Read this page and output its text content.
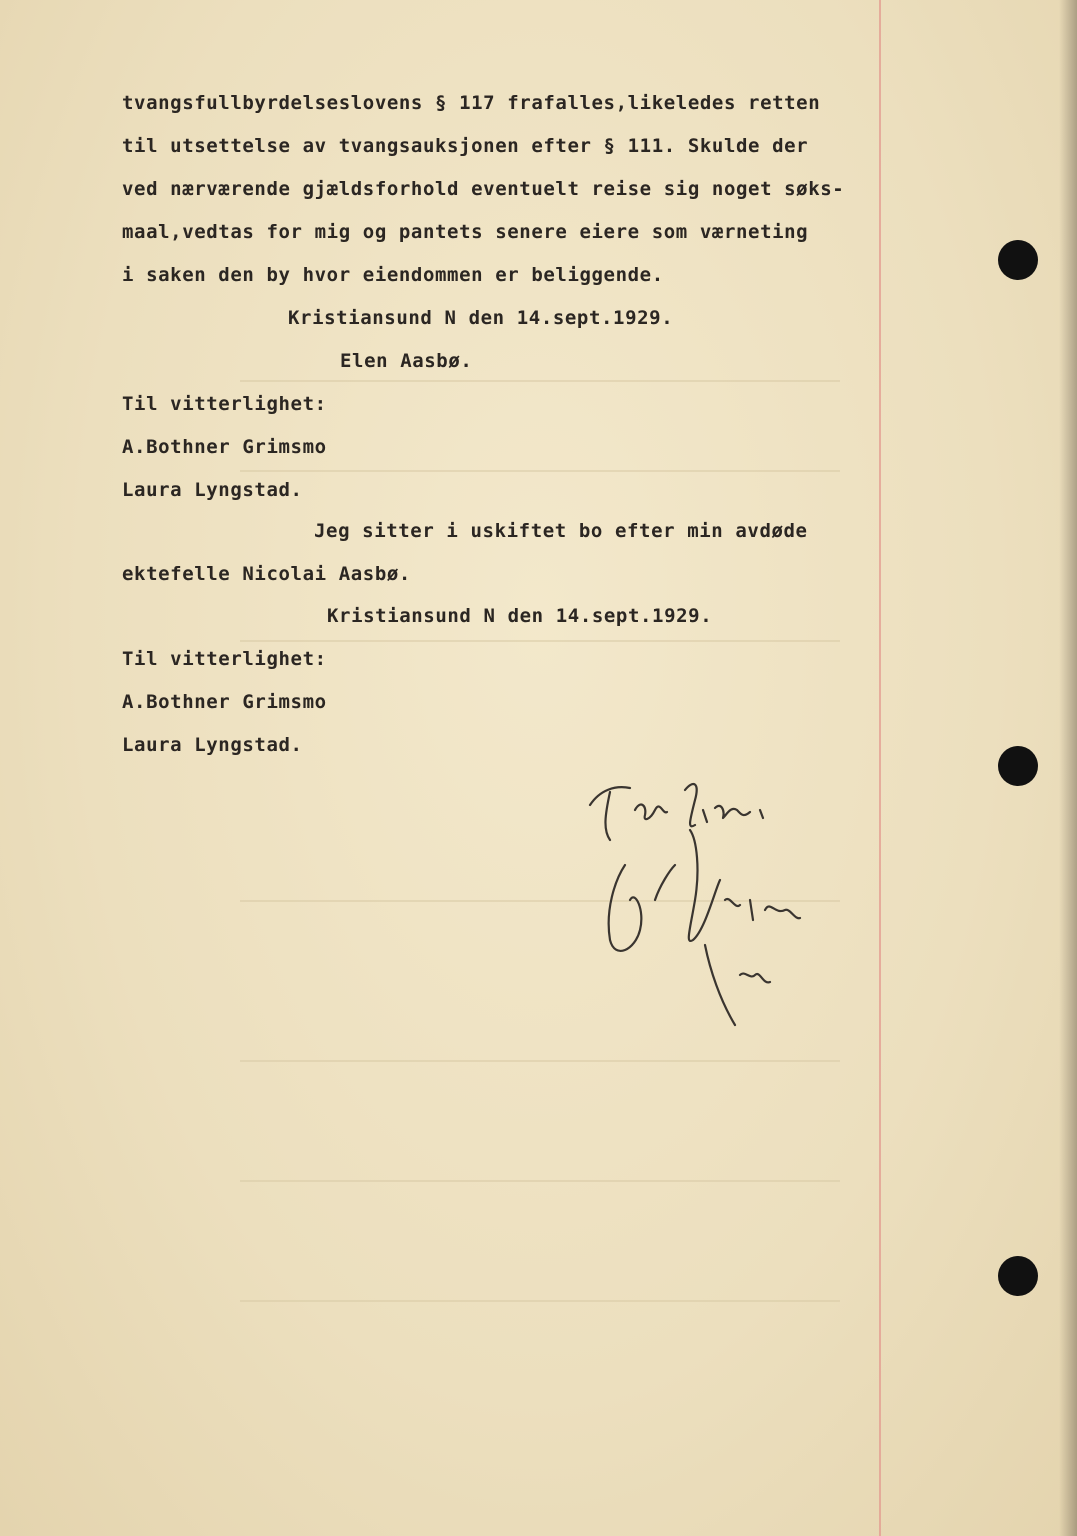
tvangsfullbyrdelseslovens § 117 frafalles,likeledes retten
til utsettelse av tvangsauksjonen efter § 111. Skulde der
ved nærværende gjældsforhold eventuelt reise sig noget søks-
maal,vedtas for mig og pantets senere eiere som værneting
i saken den by hvor eiendommen er beliggende.
Kristiansund N den 14.sept.1929.
Elen Aasbø.
Til vitterlighet:
A.Bothner Grimsmo
Laura Lyngstad.
Jeg sitter i uskiftet bo efter min avdøde
ektefelle Nicolai Aasbø.
Kristiansund N den 14.sept.1929.
Til vitterlighet:
A.Bothner Grimsmo
Laura Lyngstad.
